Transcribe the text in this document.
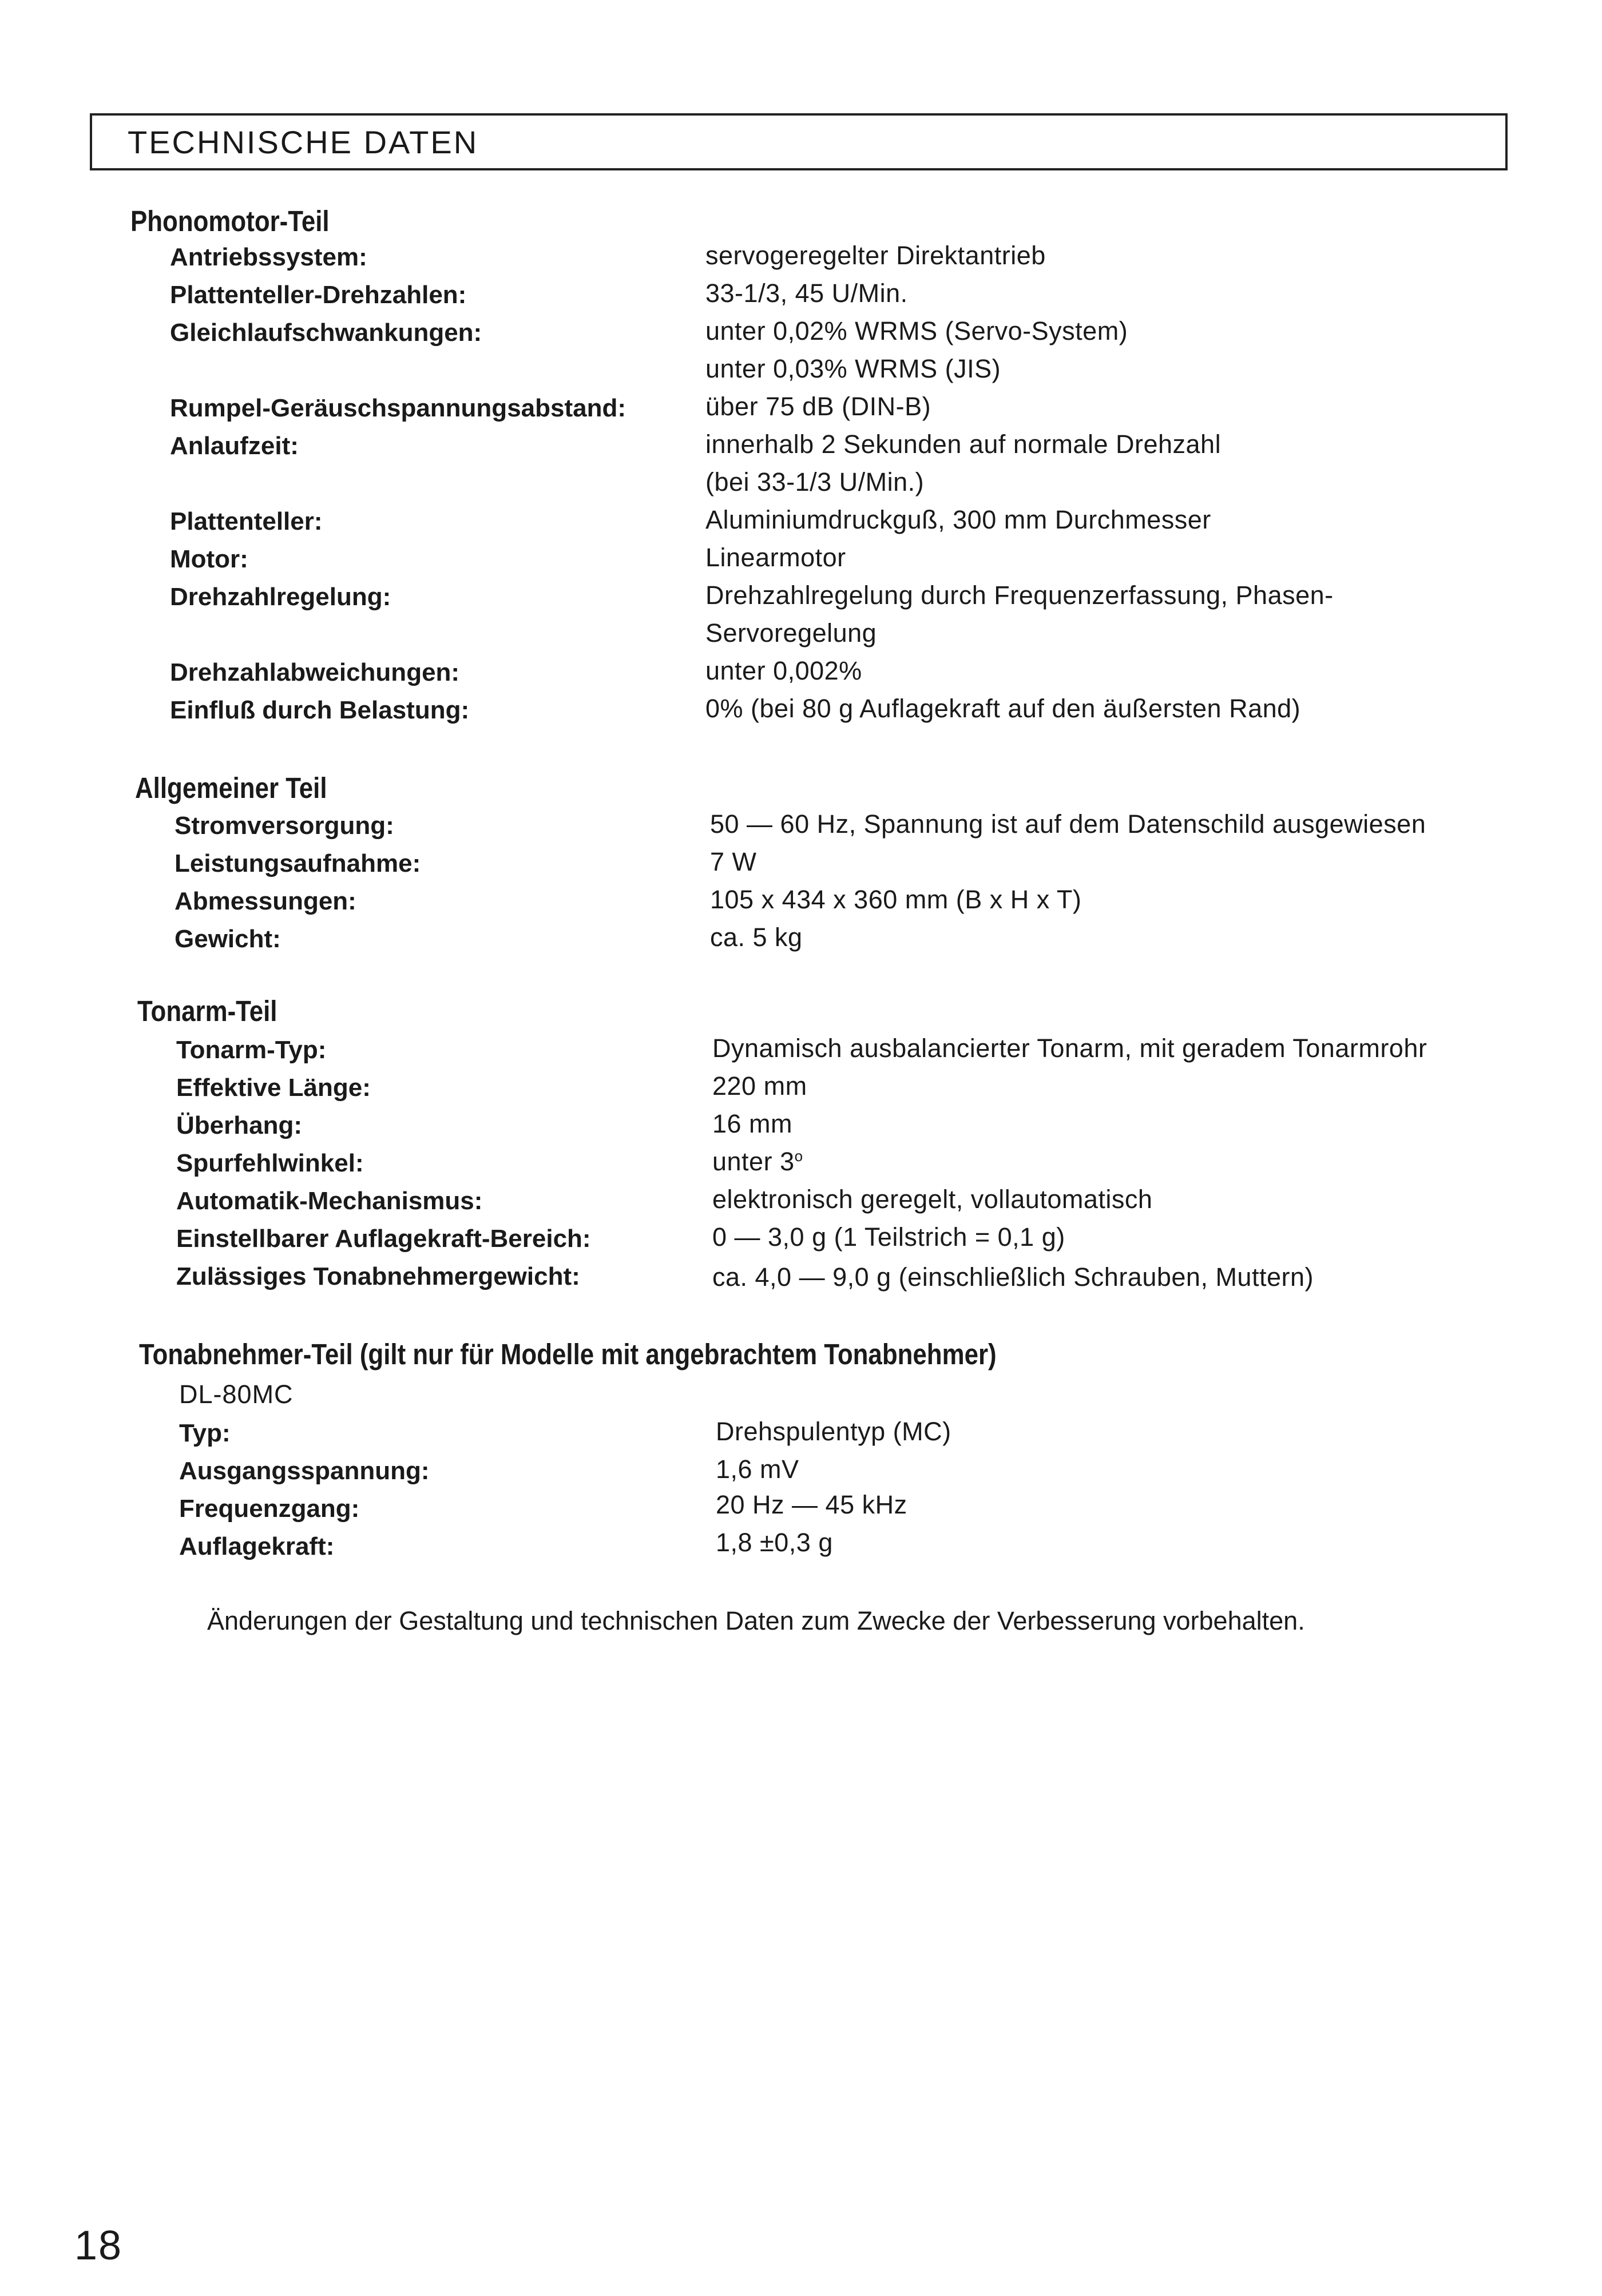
TECHNISCHE DATEN
Phonomotor-Teil
Antriebssystem:	servogeregelter Direktantrieb
Plattenteller-Drehzahlen:	33-1/3, 45 U/Min.
Gleichlaufschwankungen:	unter 0,02% WRMS (Servo-System)
unter 0,03% WRMS (JIS)
Rumpel-Geräuschspannungsabstand:	über 75 dB (DIN-B)
Anlaufzeit:	innerhalb 2 Sekunden auf normale Drehzahl
(bei 33-1/3 U/Min.)
Plattenteller:	Aluminiumdruckguß, 300 mm Durchmesser
Motor:	Linearmotor
Drehzahlregelung:	Drehzahlregelung durch Frequenzerfassung, Phasen-
Servoregelung
Drehzahlabweichungen:	unter 0,002%
Einfluß durch Belastung:	0% (bei 80 g Auflagekraft auf den äußersten Rand)
Allgemeiner Teil
Stromversorgung:	50 — 60 Hz, Spannung ist auf dem Datenschild ausgewiesen
Leistungsaufnahme:	7 W
Abmessungen:	105 x 434 x 360 mm (B x H x T)
Gewicht:	ca. 5 kg
Tonarm-Teil
Tonarm-Typ:	Dynamisch ausbalancierter Tonarm, mit geradem Tonarmrohr
Effektive Länge:	220 mm
Überhang:	16 mm
Spurfehlwinkel:	unter 3$^o$
Automatik-Mechanismus:	elektronisch geregelt, vollautomatisch
Einstellbarer Auflagekraft-Bereich:	0 — 3,0 g (1 Teilstrich = 0,1 g)
Zulässiges Tonabnehmergewicht:	ca. 4,0 — 9,0 g (einschließlich Schrauben, Muttern)
Tonabnehmer-Teil (gilt nur für Modelle mit angebrachtem Tonabnehmer)
DL-80MC
Typ:	Drehspulentyp (MC)
Ausgangsspannung:	1,6 mV
Frequenzgang:	20 Hz — 45 kHz
Auflagekraft:	1,8 ±0,3 g
Änderungen der Gestaltung und technischen Daten zum Zwecke der Verbesserung vorbehalten.
18
